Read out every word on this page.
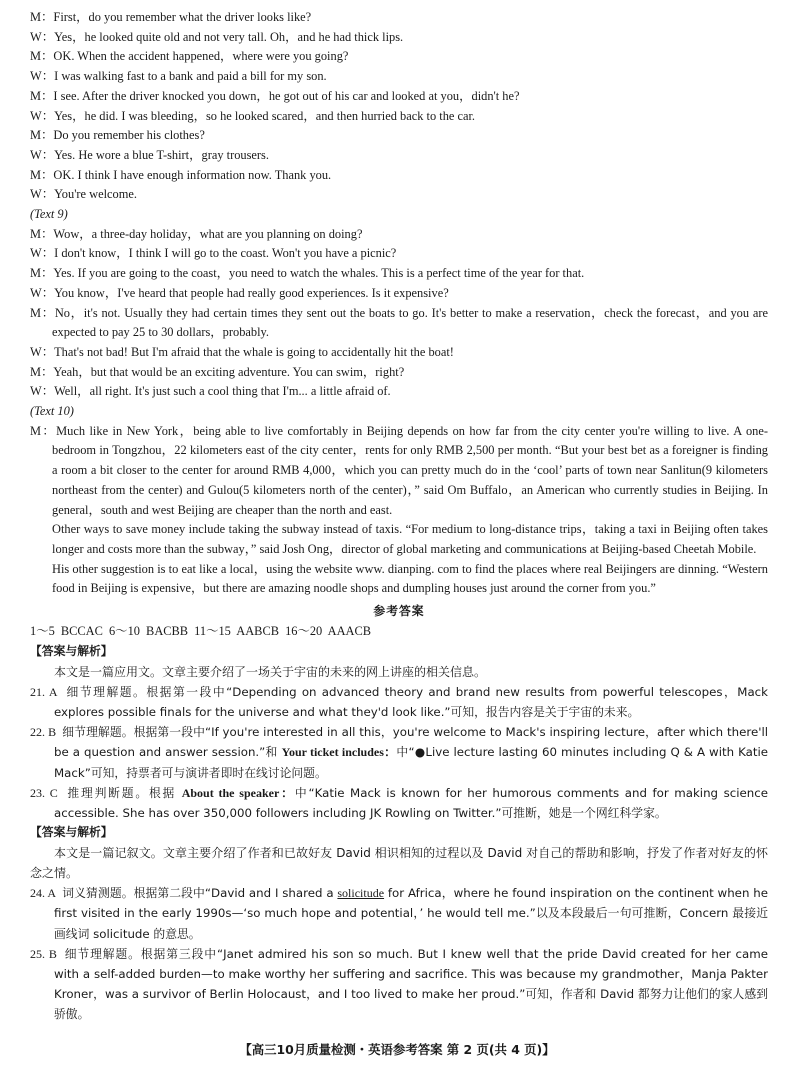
M：First，do you remember what the driver looks like?
W：Yes，he looked quite old and not very tall. Oh，and he had thick lips.
M：OK. When the accident happened，where were you going?
W：I was walking fast to a bank and paid a bill for my son.
M：I see. After the driver knocked you down，he got out of his car and looked at you，didn't he?
W：Yes，he did. I was bleeding，so he looked scared，and then hurried back to the car.
M：Do you remember his clothes?
W：Yes. He wore a blue T-shirt，gray trousers.
M：OK. I think I have enough information now. Thank you.
W：You're welcome.
(Text 9)
M：Wow，a three-day holiday，what are you planning on doing?
W：I don't know，I think I will go to the coast. Won't you have a picnic?
M：Yes. If you are going to the coast，you need to watch the whales. This is a perfect time of the year for that.
W：You know，I've heard that people had really good experiences. Is it expensive?
M：No，it's not. Usually they had certain times they sent out the boats to go. It's better to make a reservation，check the forecast，and you are expected to pay 25 to 30 dollars，probably.
W：That's not bad! But I'm afraid that the whale is going to accidentally hit the boat!
M：Yeah，but that would be an exciting adventure. You can swim，right?
W：Well，all right. It's just such a cool thing that I'm... a little afraid of.
(Text 10)
M：Much like in New York，being able to live comfortably in Beijing depends on how far from the city center you're willing to live. A one-bedroom in Tongzhou，22 kilometers east of the city center，rents for only RMB 2,500 per month. “But your best bet as a foreigner is finding a room a bit closer to the center for around RMB 4,000，which you can pretty much do in the ‘cool’ parts of town near Sanlitun(9 kilometers northeast from the center) and Gulou(5 kilometers north of the center)，” said Om Buffalo，an American who currently studies in Beijing. In general，south and west Beijing are cheaper than the north and east.
Other ways to save money include taking the subway instead of taxis. “For medium to long-distance trips，taking a taxi in Beijing often takes longer and costs more than the subway，” said Josh Ong，director of global marketing and communications at Beijing-based Cheetah Mobile.
His other suggestion is to eat like a local，using the website www. dianping. com to find the places where real Beijingers are dinning. “Western food in Beijing is expensive，but there are amazing noodle shops and dumpling houses just around the corner from you.”
参考答案
1～5 BCCAC 6～10 BACBB 11～15 AABCB 16～20 AAACB
【答案与解析】
本文是一篇应用文。文章主要介绍了一场关于宇宙的未来的网上讲座的相关信息。
21. A 细节理解题。根据第一段中“Depending on advanced theory and brand new results from powerful telescopes，Mack explores possible finals for the universe and what they'd look like.”可知，报告内容是关于宇宙的未来。
22. B 细节理解题。根据第一段中“If you're interested in all this，you're welcome to Mack's inspiring lecture，after which there'll be a question and answer session.”和 Your ticket includes：中“●Live lecture lasting 60 minutes including Q & A with Katie Mack”可知，持票者可与演讲者即时在线讨论问题。
23. C 推理判断题。根据 About the speaker：中“Katie Mack is known for her humorous comments and for making science accessible. She has over 350,000 followers including JK Rowling on Twitter.”可推断，她是一个网红科学家。
【答案与解析】
本文是一篇记叙文。文章主要介绍了作者和已故好友 David 相识相知的过程以及 David 对自己的帮助和影响，抒发了作者对好友的怀念之情。
24. A 词义猜测题。根据第二段中“David and I shared a solicitude for Africa，where he found inspiration on the continent when he first visited in the early 1990s—‘so much hope and potential，’ he would tell me.”以及本段最后一句可推断，Concern 最接近画线词 solicitude 的意思。
25. B 细节理解题。根据第三段中“Janet admired his son so much. But I knew well that the pride David created for her came with a self-added burden—to make worthy her suffering and sacrifice. This was because my grandmother，Manja Pakter Kroner，was a survivor of Berlin Holocaust，and I too lived to make her proud.”可知，作者和 David 都努力让他们的家人感到骄傲。
【高三10月质量检测・英语参考答案 第 2 页(共 4 页)】
